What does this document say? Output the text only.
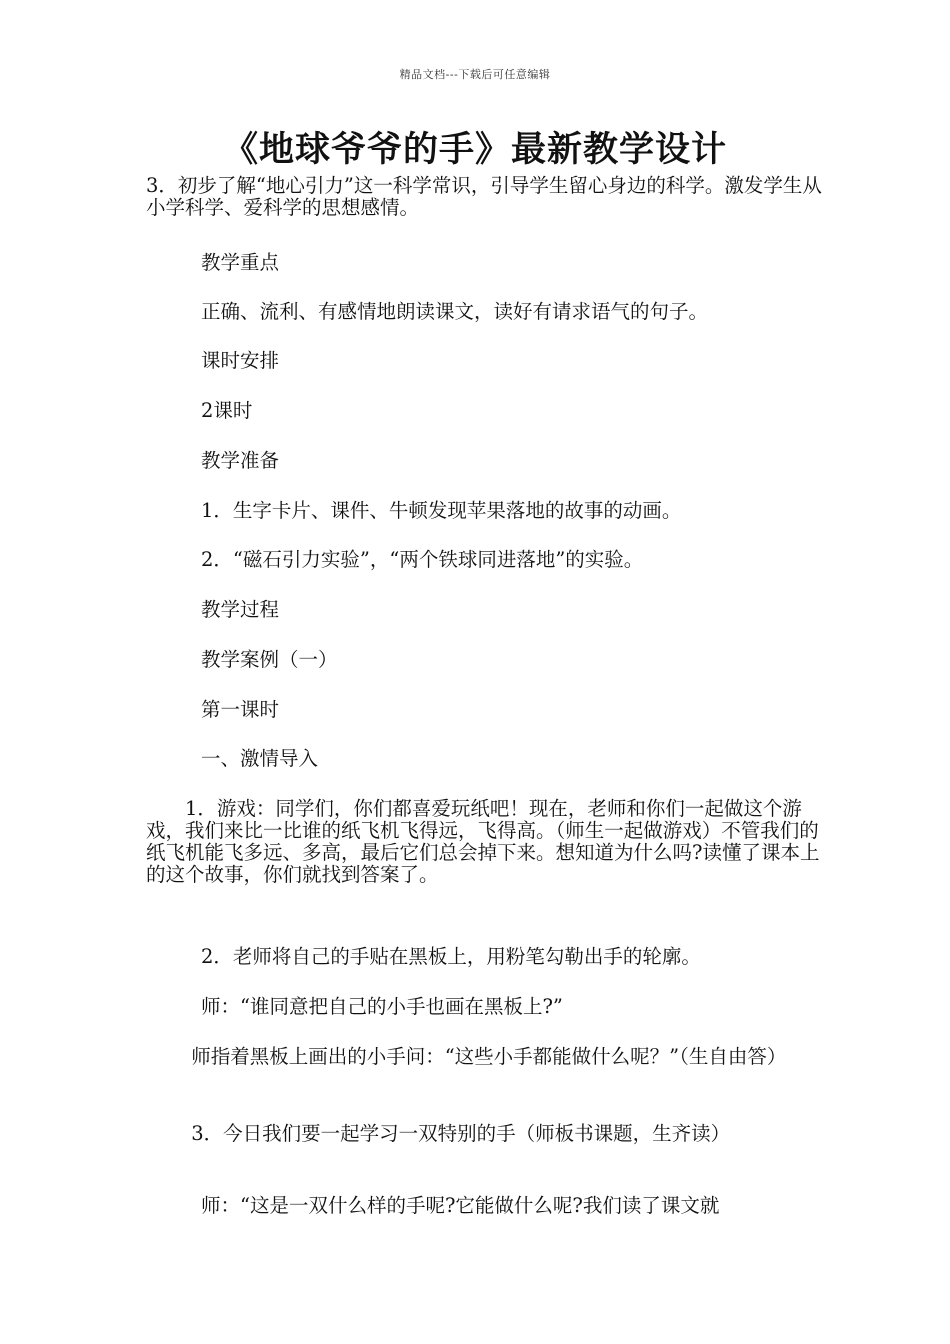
精品文档---下载后可任意编辑
《地球爷爷的手》最新教学设计

3．初步了解“地心引力”这一科学常识，引导学生留心身边的科学。激发学生从小学科学、爱科学的思想感情。

教学重点

正确、流利、有感情地朗读课文，读好有请求语气的句子。

课时安排

2课时

教学准备

1．生字卡片、课件、牛顿发现苹果落地的故事的动画。

2．“磁石引力实验”，“两个铁球同进落地”的实验。

教学过程

教学案例（一）

第一课时

一、激情导入

　　1．游戏：同学们，你们都喜爱玩纸吧！现在，老师和你们一起做这个游戏，我们来比一比谁的纸飞机飞得远，飞得高。（师生一起做游戏）不管我们的纸飞机能飞多远、多高，最后它们总会掉下来。想知道为什么吗?读懂了课本上的这个故事，你们就找到答案了。

2．老师将自己的手贴在黑板上，用粉笔勾勒出手的轮廓。

师：“谁同意把自己的小手也画在黑板上?”

　　 师指着黑板上画出的小手问：“这些小手都能做什么呢？”（生自由答）

　　 3．今日我们要一起学习一双特别的手（师板书课题，生齐读）

师：“这是一双什么样的手呢?它能做什么呢?我们读了课文就
